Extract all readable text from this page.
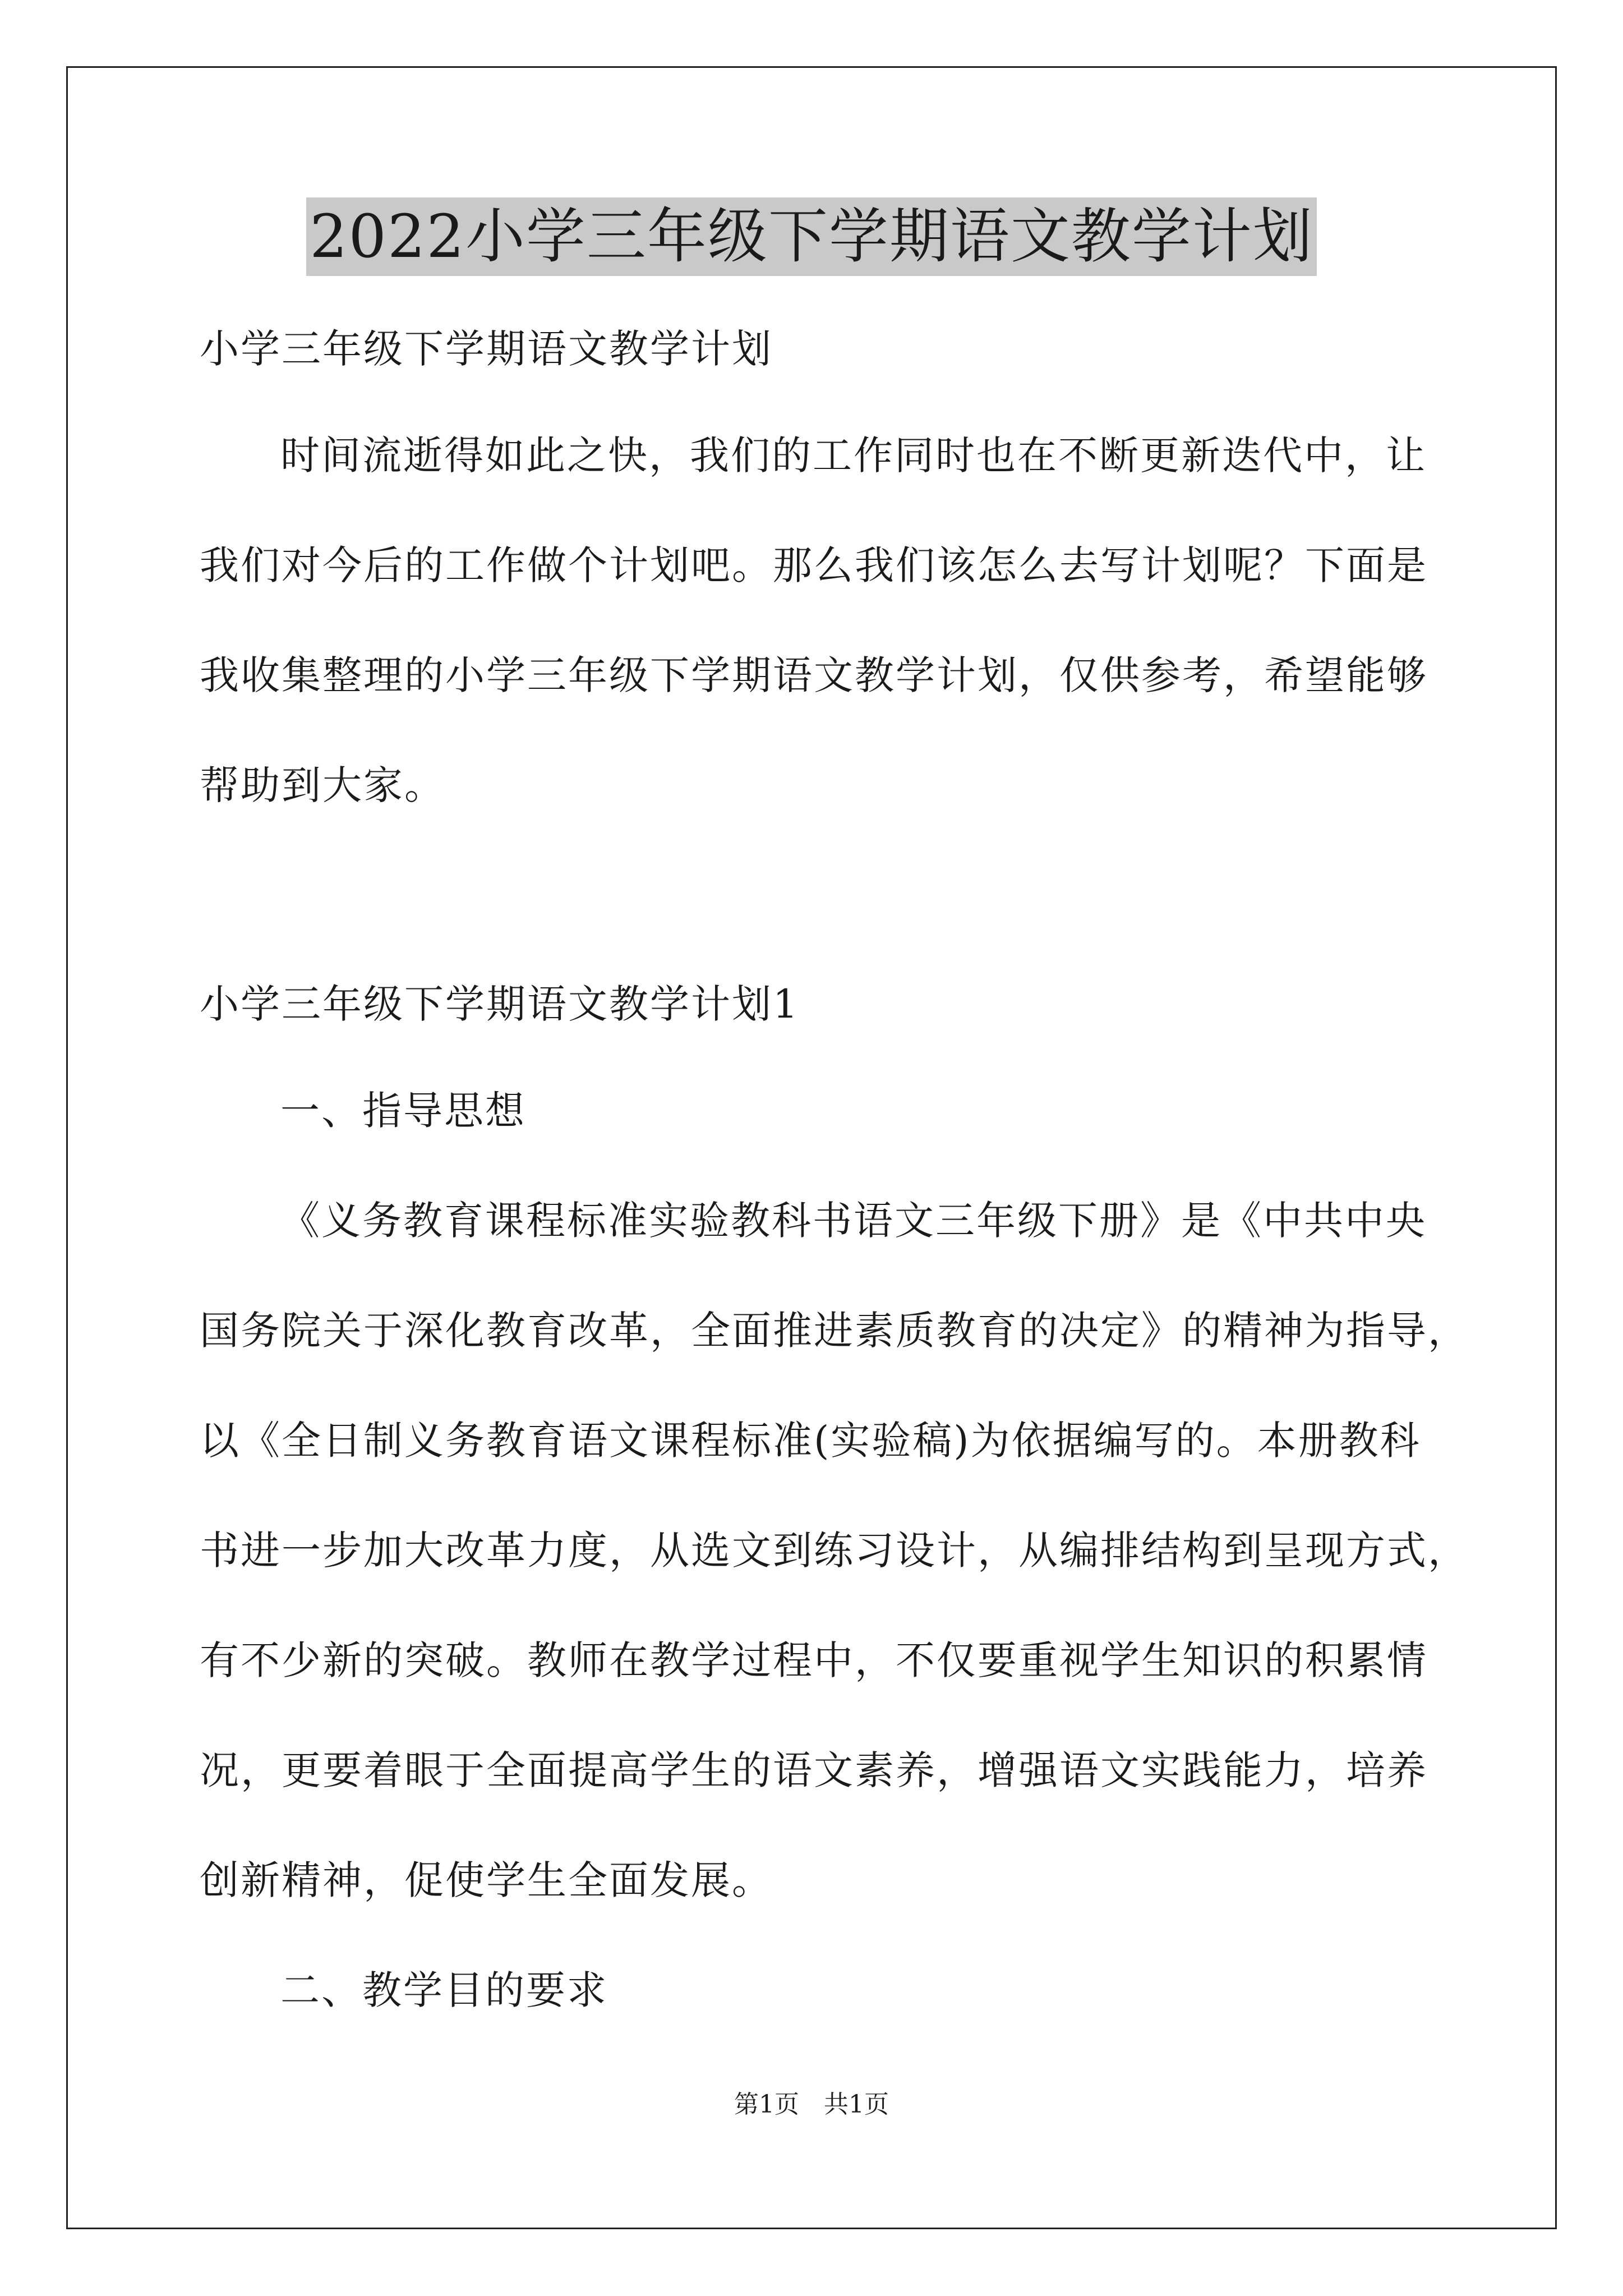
2022小学三年级下学期语文教学计划
小学三年级下学期语文教学计划
时间流逝得如此之快，我们的工作同时也在不断更新迭代中，让
我们对今后的工作做个计划吧。那么我们该怎么去写计划呢？下面是
我收集整理的小学三年级下学期语文教学计划，仅供参考，希望能够
帮助到大家。
小学三年级下学期语文教学计划1
一、指导思想
《义务教育课程标准实验教科书语文三年级下册》是《中共中央
国务院关于深化教育改革，全面推进素质教育的决定》的精神为指导，
以《全日制义务教育语文课程标准(实验稿)为依据编写的。本册教科
书进一步加大改革力度，从选文到练习设计，从编排结构到呈现方式，
有不少新的突破。教师在教学过程中，不仅要重视学生知识的积累情
况，更要着眼于全面提高学生的语文素养，增强语文实践能力，培养
创新精神，促使学生全面发展。
二、教学目的要求
第1页　共1页
